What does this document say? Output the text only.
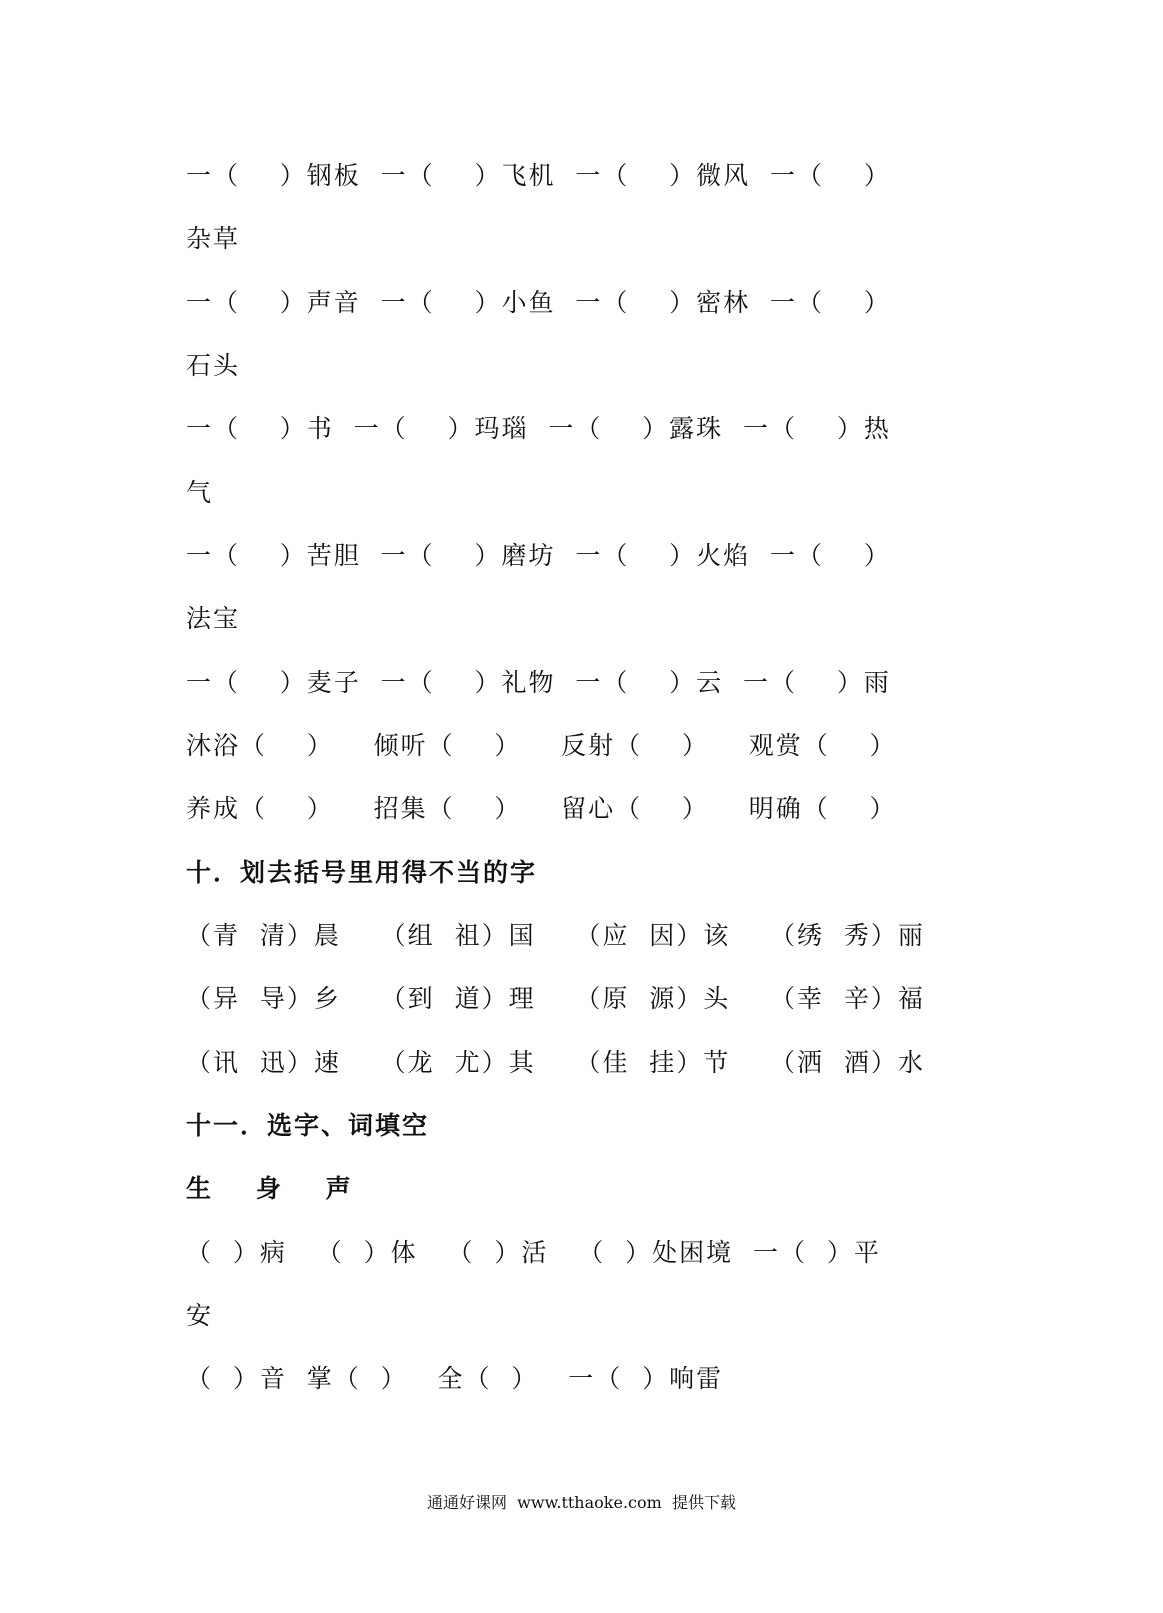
一（    ）钢板  一（    ）飞机  一（    ）微风  一（    ）
杂草
一（    ）声音  一（    ）小鱼  一（    ）密林  一（    ）
石头
一（    ）书  一（    ）玛瑙  一（    ）露珠  一（    ）热
气
一（    ）苦胆  一（    ）磨坊  一（    ）火焰  一（    ）
法宝
一（    ）麦子  一（    ）礼物  一（    ）云  一（    ）雨
沐浴（    ）    倾听（    ）    反射（    ）    观赏（    ）
养成（    ）    招集（    ）    留心（    ）    明确（    ）
十．划去括号里用得不当的字
（青  清）晨    （组  祖）国    （应  因）该    （绣  秀）丽
（异  导）乡    （到  道）理    （原  源）头    （幸  辛）福
（讯  迅）速    （龙  尤）其    （佳  挂）节    （洒  酒）水
十一．选字、词填空
生    身    声
（  ）病   （  ）体   （  ）活   （  ）处困境  一（  ）平
安
（  ）音  掌（  ）   全（  ）   一（  ）响雷
通通好课网  www.tthaoke.com  提供下载
